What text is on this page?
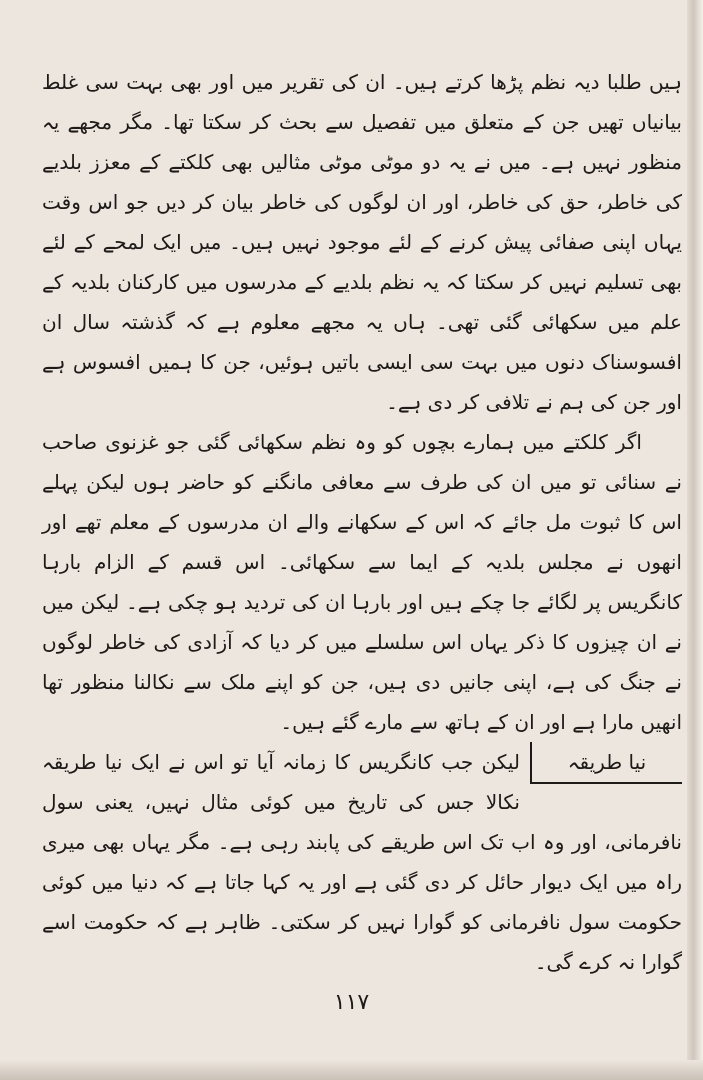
ہیں طلبا دیہ نظم پڑھا کرتے ہیں۔ ان کی تقریر میں اور بھی بہت سی غلط بیانیاں تھیں جن کے متعلق میں تفصیل سے بحث کر سکتا تھا۔ مگر مجھے یہ منظور نہیں ہے۔ میں نے یہ دو موٹی موٹی مثالیں بھی کلکتے کے معزز بلدیے کی خاطر، حق کی خاطر، اور ان لوگوں کی خاطر بیان کر دیں جو اس وقت یہاں اپنی صفائی پیش کرنے کے لئے موجود نہیں ہیں۔ میں ایک لمحے کے لئے بھی تسلیم نہیں کر سکتا کہ یہ نظم بلدیے کے مدرسوں میں کارکنان بلدیہ کے علم میں سکھائی گئی تھی۔ ہاں یہ مجھے معلوم ہے کہ گذشتہ سال ان افسوسناک دنوں میں بہت سی ایسی باتیں ہوئیں، جن کا ہمیں افسوس ہے اور جن کی ہم نے تلافی کر دی ہے۔

اگر کلکتے میں ہمارے بچوں کو وہ نظم سکھائی گئی جو غزنوی صاحب نے سنائی تو میں ان کی طرف سے معافی مانگنے کو حاضر ہوں لیکن پہلے اس کا ثبوت مل جائے کہ اس کے سکھانے والے ان مدرسوں کے معلم تھے اور انھوں نے مجلس بلدیہ کے ایما سے سکھائی۔ اس قسم کے الزام بارہا کانگریس پر لگائے جا چکے ہیں اور بارہا ان کی تردید ہو چکی ہے۔ لیکن میں نے ان چیزوں کا ذکر یہاں اس سلسلے میں کر دیا کہ آزادی کی خاطر لوگوں نے جنگ کی ہے، اپنی جانیں دی ہیں، جن کو اپنے ملک سے نکالنا منظور تھا انھیں مارا ہے اور ان کے ہاتھ سے مارے گئے ہیں۔

نیا طریقہ

لیکن جب کانگریس کا زمانہ آیا تو اس نے ایک نیا طریقہ نکالا جس کی تاریخ میں کوئی مثال نہیں، یعنی سول نافرمانی، اور وہ اب تک اس طریقے کی پابند رہی ہے۔ مگر یہاں بھی میری راہ میں ایک دیوار حائل کر دی گئی ہے اور یہ کہا جاتا ہے کہ دنیا میں کوئی حکومت سول نافرمانی کو گوارا نہیں کر سکتی۔ ظاہر ہے کہ حکومت اسے گوارا نہ کرے گی۔

۱۱۷
